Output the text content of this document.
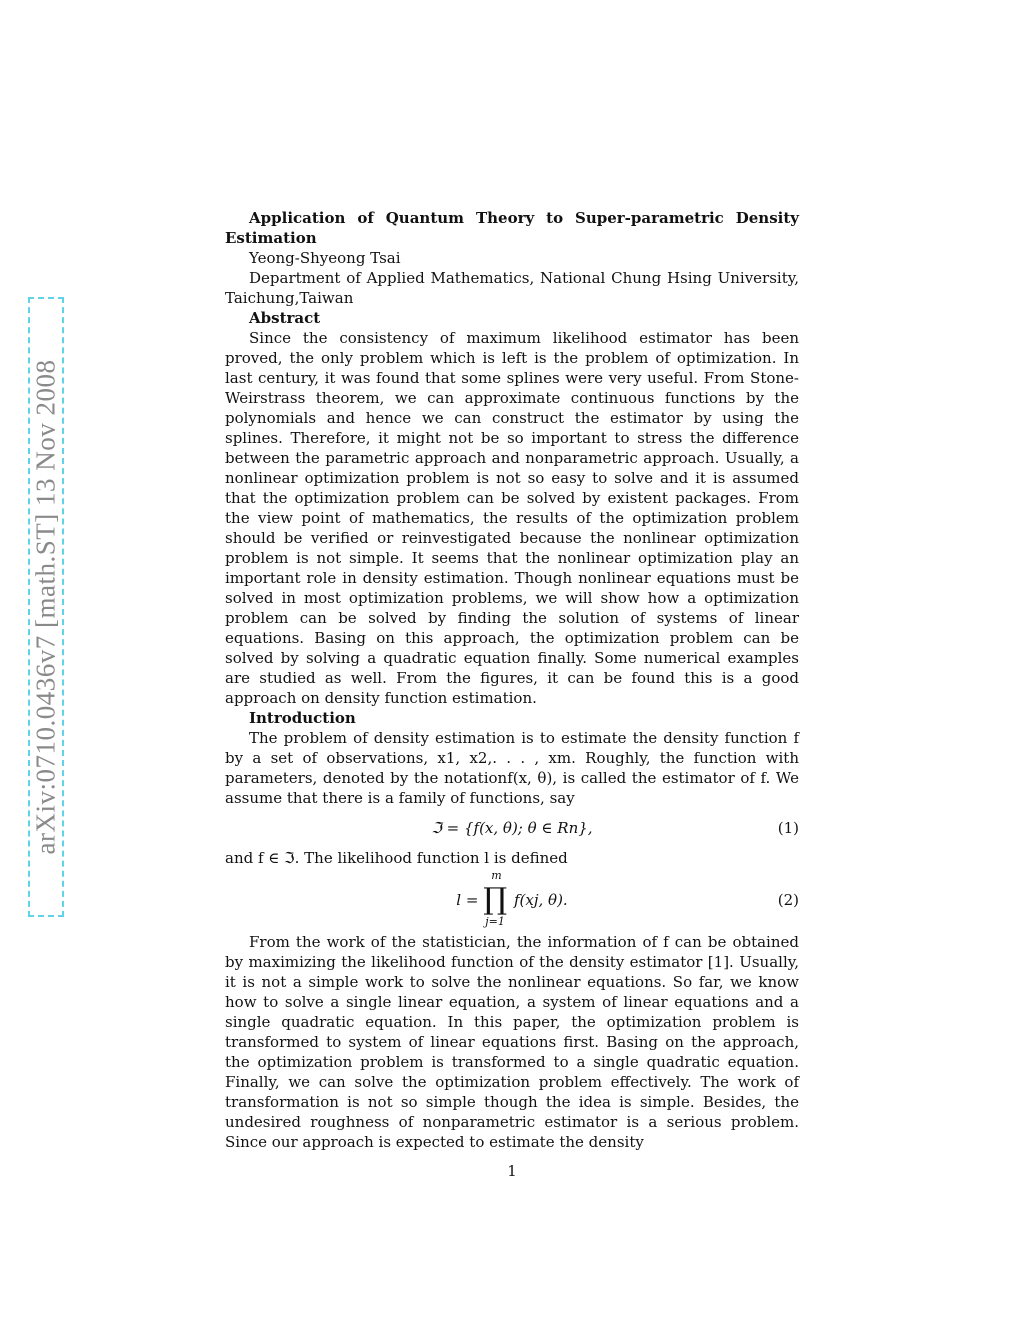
arXiv:0710.0436v7 [math.ST] 13 Nov 2008

Application of Quantum Theory to Super-parametric Density Estimation

Yeong-Shyeong Tsai

Department of Applied Mathematics, National Chung Hsing University, Taichung,Taiwan

Abstract

Since the consistency of maximum likelihood estimator has been proved, the only problem which is left is the problem of optimization. In last century, it was found that some splines were very useful. From Stone-Weirstrass theorem, we can approximate continuous functions by the polynomials and hence we can construct the estimator by using the splines. Therefore, it might not be so important to stress the difference between the parametric approach and nonparametric approach. Usually, a nonlinear optimization problem is not so easy to solve and it is assumed that the optimization problem can be solved by existent packages. From the view point of mathematics, the results of the optimization problem should be verified or reinvestigated because the nonlinear optimization problem is not simple. It seems that the nonlinear optimization play an important role in density estimation. Though nonlinear equations must be solved in most optimization problems, we will show how a optimization problem can be solved by finding the solution of systems of linear equations. Basing on this approach, the optimization problem can be solved by solving a quadratic equation finally. Some numerical examples are studied as well. From the figures, it can be found this is a good approach on density function estimation.

Introduction

The problem of density estimation is to estimate the density function f by a set of observations, x1, x2,. . . , xm. Roughly, the function with parameters, denoted by the notationf(x, θ), is called the estimator of f. We assume that there is a family of functions, say

ℑ = {f(x, θ); θ ∈ Rn},	(1)

and f ∈ ℑ. The likelihood function l is defined

l =
m
∏
j=1
f(xj, θ).	(2)

From the work of the statistician, the information of f can be obtained by maximizing the likelihood function of the density estimator [1]. Usually, it is not a simple work to solve the nonlinear equations. So far, we know how to solve a single linear equation, a system of linear equations and a single quadratic equation. In this paper, the optimization problem is transformed to system of linear equations first. Basing on the approach, the optimization problem is transformed to a single quadratic equation. Finally, we can solve the optimization problem effectively. The work of transformation is not so simple though the idea is simple. Besides, the undesired roughness of nonparametric estimator is a serious problem. Since our approach is expected to estimate the density

1
